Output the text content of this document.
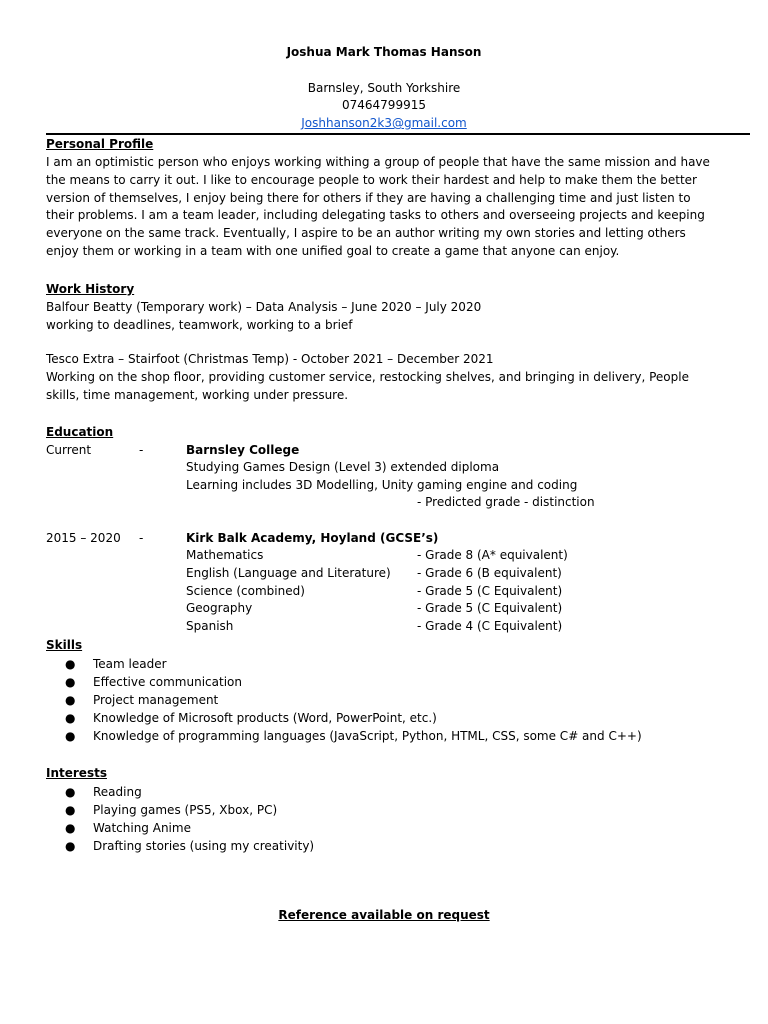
Joshua Mark Thomas Hanson
Barnsley, South Yorkshire
07464799915
Joshhanson2k3@gmail.com
Personal Profile
I am an optimistic person who enjoys working withing a group of people that have the same mission and have the means to carry it out. I like to encourage people to work their hardest and help to make them the better version of themselves, I enjoy being there for others if they are having a challenging time and just listen to their problems. I am a team leader, including delegating tasks to others and overseeing projects and keeping everyone on the same track. Eventually, I aspire to be an author writing my own stories and letting others enjoy them or working in a team with one unified goal to create a game that anyone can enjoy.
Work History
Balfour Beatty (Temporary work) – Data Analysis – June 2020 – July 2020
working to deadlines, teamwork, working to a brief
Tesco Extra – Stairfoot (Christmas Temp) - October 2021 – December 2021
Working on the shop floor, providing customer service, restocking shelves, and bringing in delivery, People skills, time management, working under pressure.
Education
Current	-	Barnsley College
Studying Games Design (Level 3) extended diploma
Learning includes 3D Modelling, Unity gaming engine and coding
- Predicted grade - distinction
2015 – 2020 -	Kirk Balk Academy, Hoyland (GCSE’s)
Mathematics	- Grade 8 (A* equivalent)
English (Language and Literature) - Grade 6 (B equivalent)
Science (combined)	- Grade 5 (C Equivalent)
Geography	- Grade 5 (C Equivalent)
Spanish	- Grade 4 (C Equivalent)
Skills
● Team leader
● Effective communication
● Project management
● Knowledge of Microsoft products (Word, PowerPoint, etc.)
● Knowledge of programming languages (JavaScript, Python, HTML, CSS, some C# and C++)
Interests
● Reading
● Playing games (PS5, Xbox, PC)
● Watching Anime
● Drafting stories (using my creativity)
Reference available on request
